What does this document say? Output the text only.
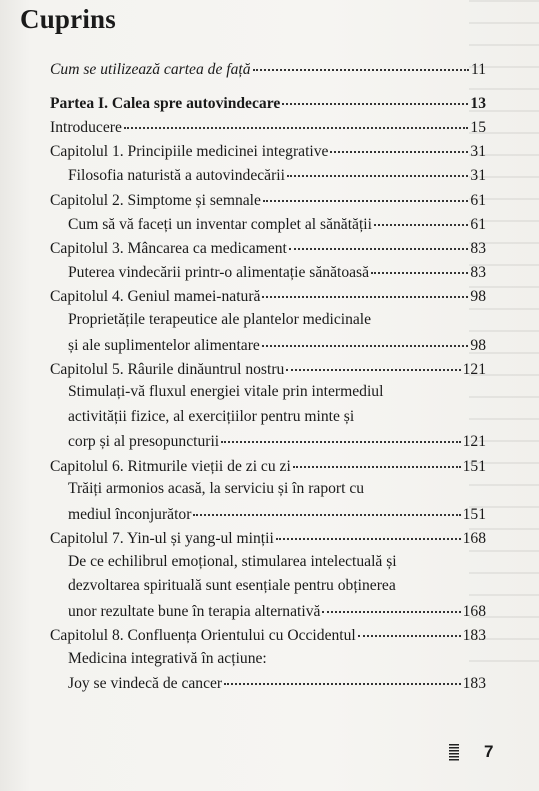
Cuprins
Cum se utilizează cartea de față	11
Partea I. Calea spre autovindecare	13
Introducere	15
Capitolul 1. Principiile medicinei integrative	31
Filosofia naturistă a autovindecării	31
Capitolul 2. Simptome și semnale	61
Cum să vă faceți un inventar complet al sănătății	61
Capitolul 3. Mâncarea ca medicament	83
Puterea vindecării printr-o alimentație sănătoasă	83
Capitolul 4. Geniul mamei-natură	98
Proprietățile terapeutice ale plantelor medicinale
și ale suplimentelor alimentare	98
Capitolul 5. Râurile dinăuntrul nostru	121
Stimulați-vă fluxul energiei vitale prin intermediul
activității fizice, al exercițiilor pentru minte și
corp și al presopuncturii	121
Capitolul 6. Ritmurile vieții de zi cu zi	151
Trăiți armonios acasă, la serviciu și în raport cu
mediul înconjurător	151
Capitolul 7. Yin-ul și yang-ul minții	168
De ce echilibrul emoțional, stimularea intelectuală și
dezvoltarea spirituală sunt esențiale pentru obținerea
unor rezultate bune în terapia alternativă	168
Capitolul 8. Confluența Orientului cu Occidentul	183
Medicina integrativă în acțiune:
Joy se vindecă de cancer	183
7
